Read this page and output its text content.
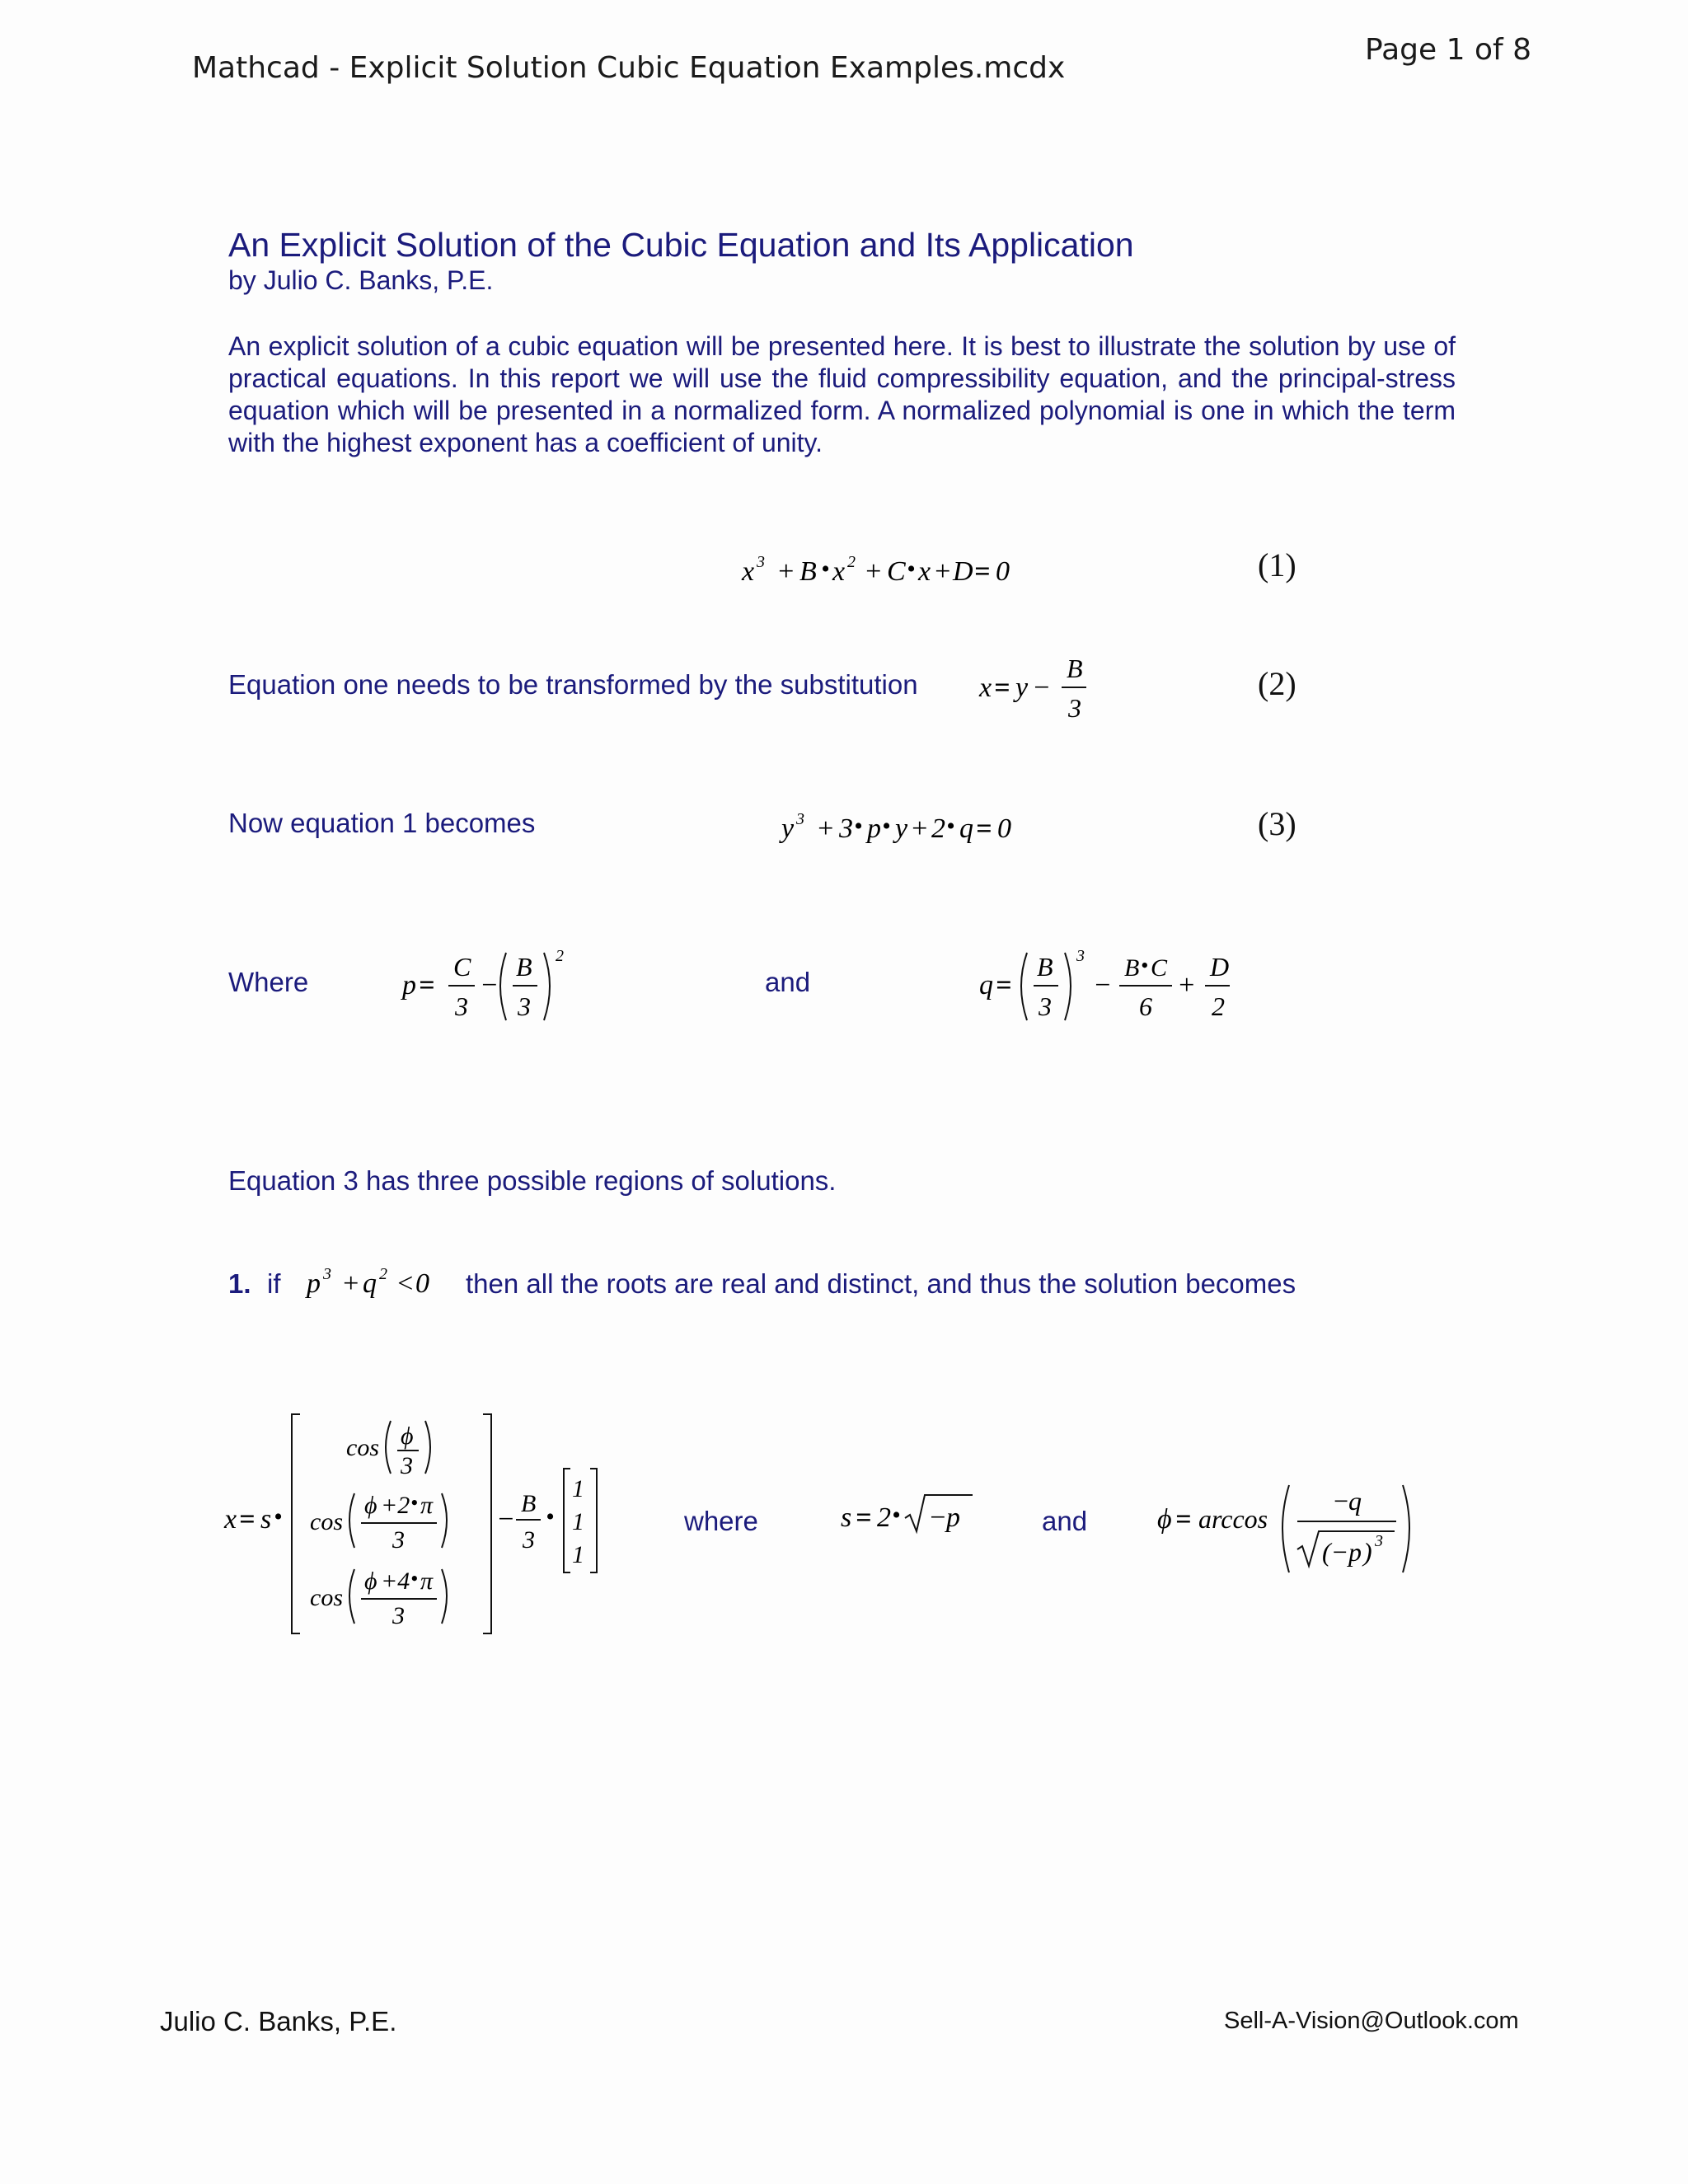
Mathcad - Explicit Solution Cubic Equation Examples.mcdx
Page 1 of 8
An Explicit Solution of the Cubic Equation and Its Application
by Julio C. Banks, P.E.
An explicit solution of a cubic equation will be presented here. It is best to illustrate the solution by use of practical equations. In this report we will use the fluid compressibility equation, and the principal-stress equation which will be presented in a normalized form. A normalized polynomial is one in which the term with the highest exponent has a coefficient of unity.
x 3 + B • x 2 + C • x + D = 0	(1)
Equation one needs to be transformed by the substitution x = y −
B
3
(2)
Now equation 1 becomes	y 3 + 3 • p • y + 2 • q = 0	(3)
Where	p =
C
3
−
B
3
2
and	q =
B
3
3
−
B • C
6
+
D
2
Equation 3 has three possible regions of solutions.
1. if p 3 + q 2 < 0 then all the roots are real and distinct, and thus the solution becomes
x = s •
cos ϕ
3
cos
ϕ +2 • π
3
cos
ϕ +4 • π
3
−
B
3
•
1
1
1
where	s = 2 • − p	and ϕ = arccos
−
q
(− p ) 3
Julio C. Banks, P.E.	Sell-A-Vision@Outlook.com
